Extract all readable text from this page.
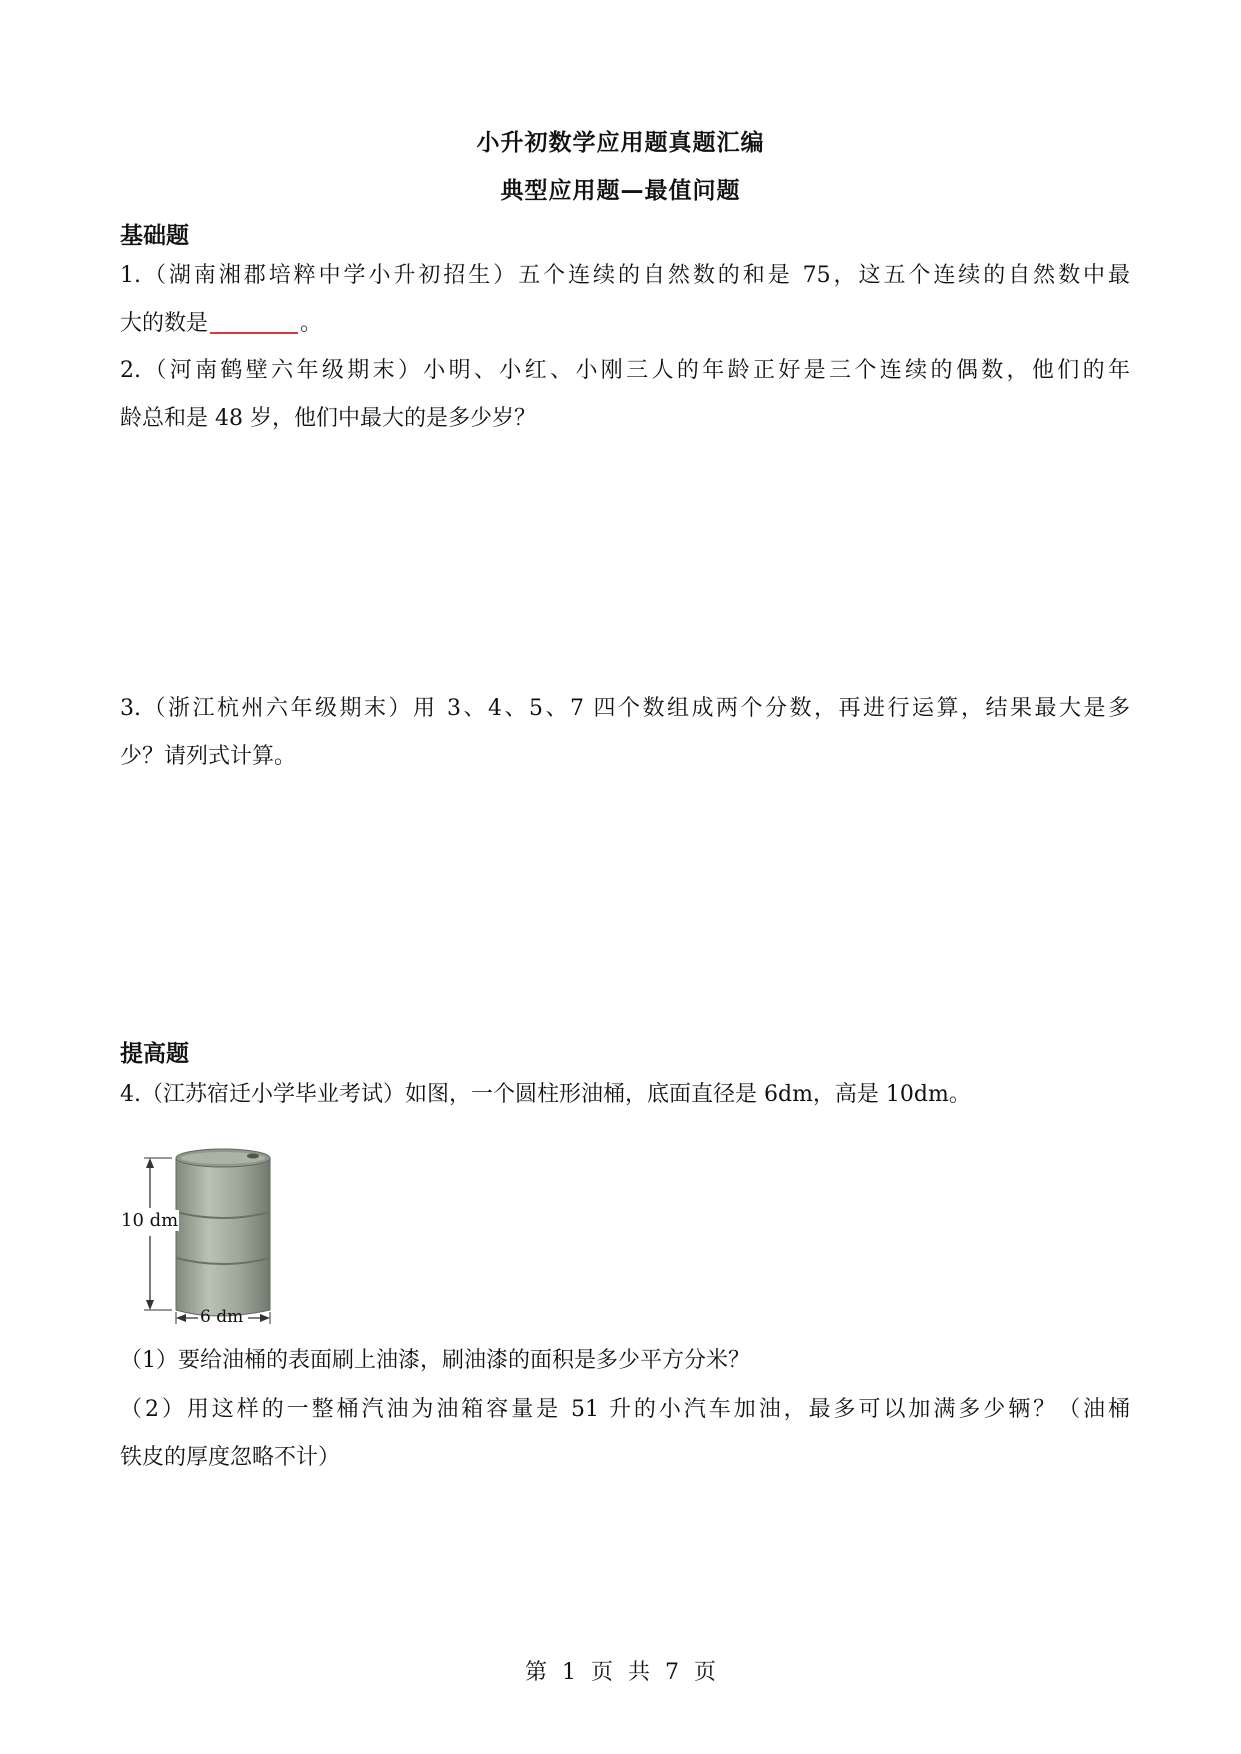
小升初数学应用题真题汇编
典型应用题—最值问题
基础题
1.（湖南湘郡培粹中学小升初招生）五个连续的自然数的和是 75，这五个连续的自然数中最
大的数是	。
2.（河南鹤壁六年级期末）小明、小红、小刚三人的年龄正好是三个连续的偶数，他们的年
龄总和是 48 岁，他们中最大的是多少岁？
3.（浙江杭州六年级期末）用 3、4、5、7 四个数组成两个分数，再进行运算，结果最大是多
少？请列式计算。
提高题
4.（江苏宿迁小学毕业考试）如图，一个圆柱形油桶，底面直径是 6dm，高是 10dm。
10 dm
6 dm
（1）要给油桶的表面刷上油漆，刷油漆的面积是多少平方分米？
（2）用这样的一整桶汽油为油箱容量是 51 升的小汽车加油，最多可以加满多少辆？（油桶
铁皮的厚度忽略不计）
第 1 页 共 7 页
